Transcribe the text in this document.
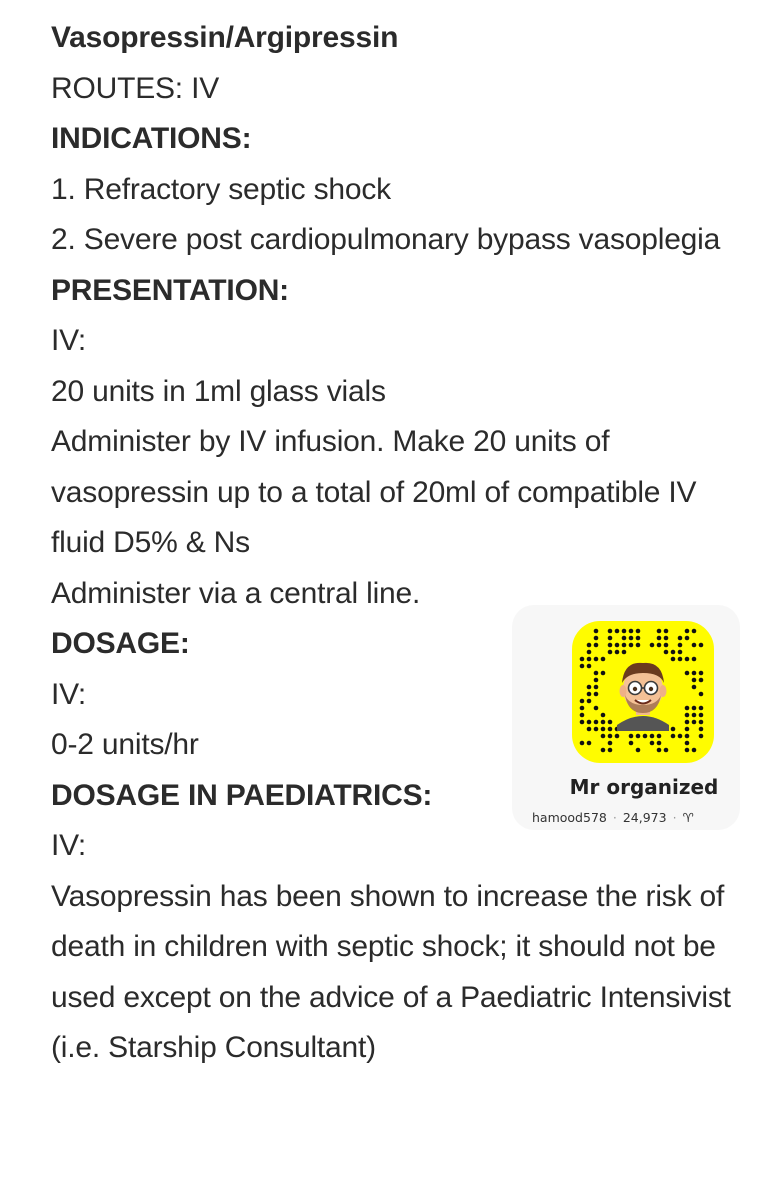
Vasopressin/Argipressin
ROUTES: IV
INDICATIONS:
1. Refractory septic shock
2. Severe post cardiopulmonary bypass vasoplegia
PRESENTATION:
IV:
20 units in 1ml glass vials
Administer by IV infusion. Make 20 units of vasopressin up to a total of 20ml of compatible IV fluid D5% & Ns
Administer via a central line.
DOSAGE:
IV:
0-2 units/hr
DOSAGE IN PAEDIATRICS:
IV:
Vasopressin has been shown to increase the risk of death in children with septic shock; it should not be used except on the advice of a Paediatric Intensivist (i.e. Starship Consultant)
Mr organized
hamood578 · 24,973 · ♈
